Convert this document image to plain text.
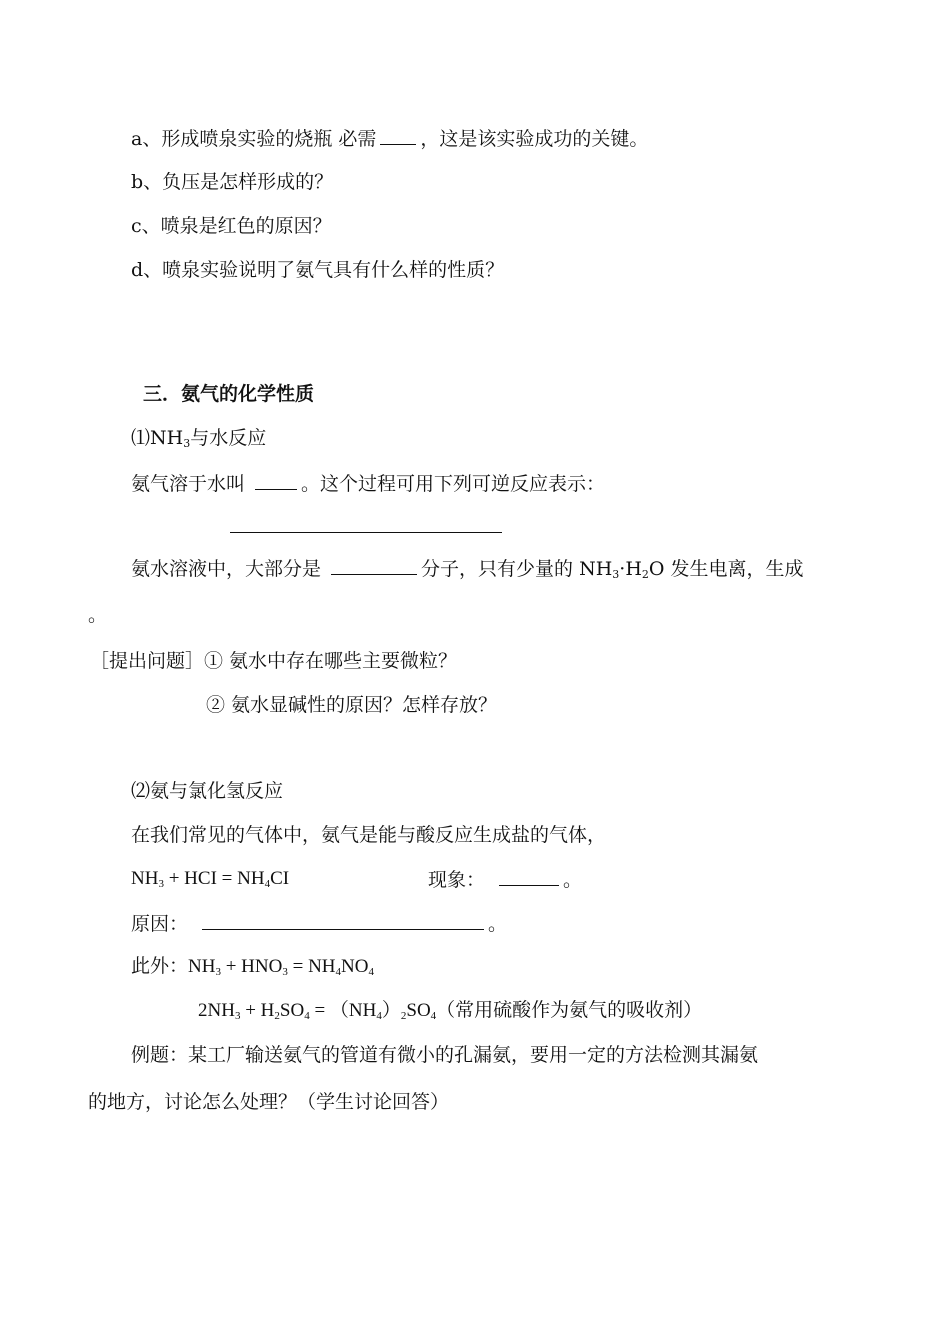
a、形成喷泉实验的烧瓶 必需 ，这是该实验成功的关键。
b、负压是怎样形成的？
c、喷泉是红色的原因？
d、喷泉实验说明了氨气具有什么样的性质？
三．氨气的化学性质
$⑴NH_3$与水反应
氨气溶于水叫	。这个过程可用下列可逆反应表示：
氨水溶液中，大部分是	分子，只有少量的 $NH_3\cdot H_2O$ 发生电离，生成
。
［提出问题］① 氨水中存在哪些主要微粒？
② 氨水显碱性的原因？怎样存放？
⑵氨与氯化氢反应
在我们常见的气体中，氨气是能与酸反应生成盐的气体，
$NH_3$ + HCI = $NH_4CI$	现象：	。
原因：	。
此外：$NH_3 + HNO_3 = NH_4NO_4$
$2NH_3 + H_2SO_4 = (NH_4)_2SO_4$（常用硫酸作为氨气的吸收剂）
例题：某工厂输送氨气的管道有微小的孔漏氨，要用一定的方法检测其漏氨
的地方，讨论怎么处理？（学生讨论回答）
